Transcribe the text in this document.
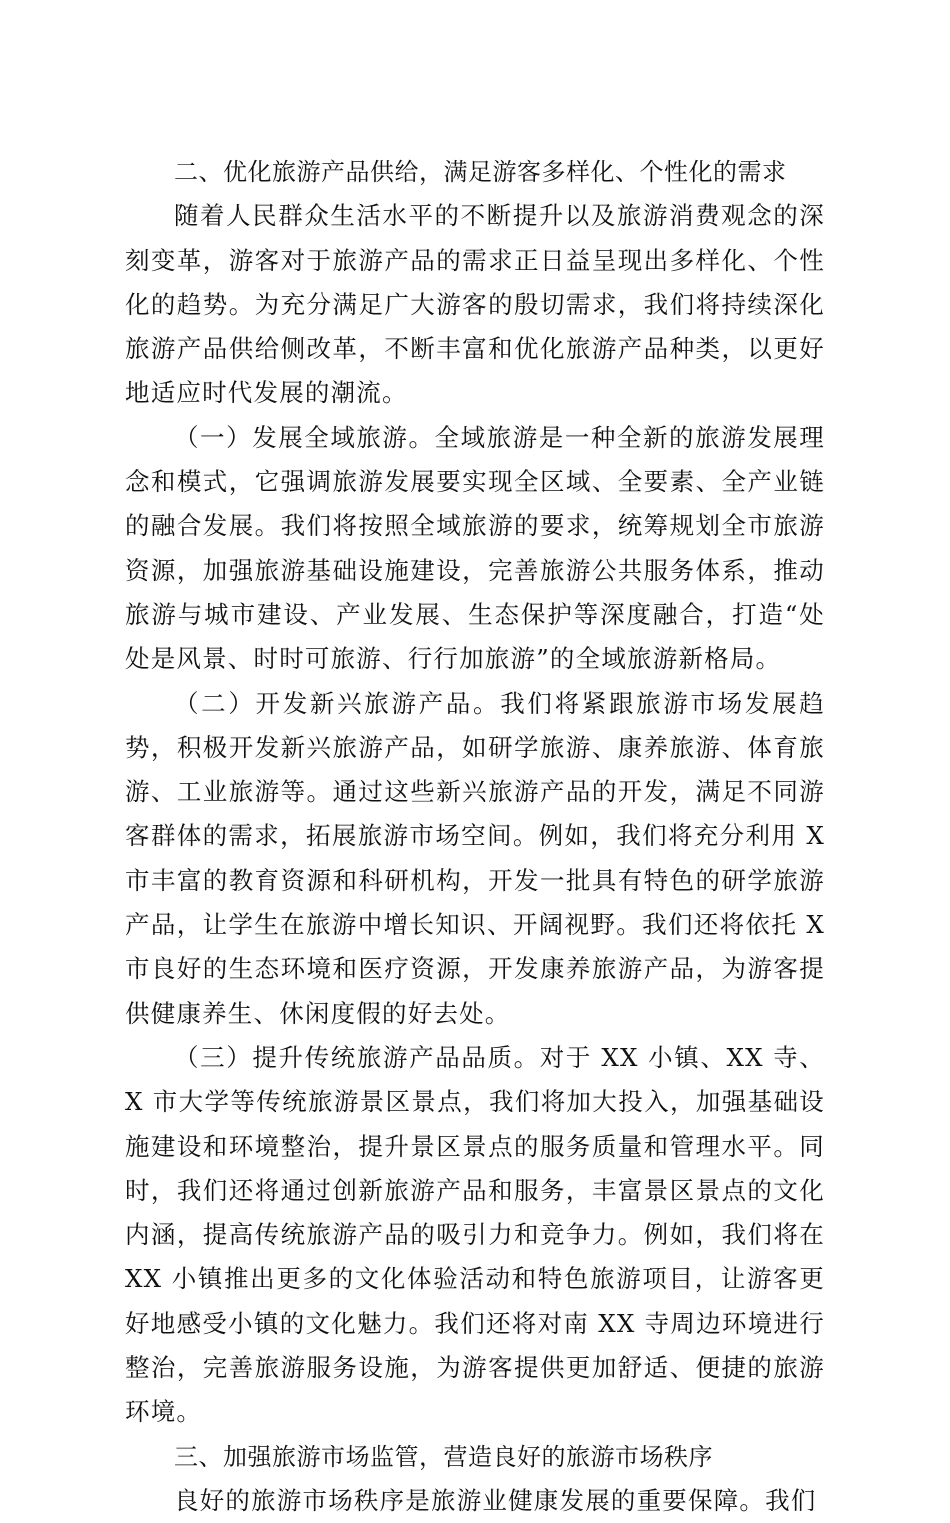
二、优化旅游产品供给，满足游客多样化、个性化的需求

随着人民群众生活水平的不断提升以及旅游消费观念的深刻变革，游客对于旅游产品的需求正日益呈现出多样化、个性化的趋势。为充分满足广大游客的殷切需求，我们将持续深化旅游产品供给侧改革，不断丰富和优化旅游产品种类，以更好地适应时代发展的潮流。

（一）发展全域旅游。全域旅游是一种全新的旅游发展理念和模式，它强调旅游发展要实现全区域、全要素、全产业链的融合发展。我们将按照全域旅游的要求，统筹规划全市旅游资源，加强旅游基础设施建设，完善旅游公共服务体系，推动旅游与城市建设、产业发展、生态保护等深度融合，打造“处处是风景、时时可旅游、行行加旅游”的全域旅游新格局。

（二）开发新兴旅游产品。我们将紧跟旅游市场发展趋势，积极开发新兴旅游产品，如研学旅游、康养旅游、体育旅游、工业旅游等。通过这些新兴旅游产品的开发，满足不同游客群体的需求，拓展旅游市场空间。例如，我们将充分利用 X 市丰富的教育资源和科研机构，开发一批具有特色的研学旅游产品，让学生在旅游中增长知识、开阔视野。我们还将依托 X 市良好的生态环境和医疗资源，开发康养旅游产品，为游客提供健康养生、休闲度假的好去处。

（三）提升传统旅游产品品质。对于 XX 小镇、XX 寺、X 市大学等传统旅游景区景点，我们将加大投入，加强基础设施建设和环境整治，提升景区景点的服务质量和管理水平。同时，我们还将通过创新旅游产品和服务，丰富景区景点的文化内涵，提高传统旅游产品的吸引力和竞争力。例如，我们将在 XX 小镇推出更多的文化体验活动和特色旅游项目，让游客更好地感受小镇的文化魅力。我们还将对南 XX 寺周边环境进行整治，完善旅游服务设施，为游客提供更加舒适、便捷的旅游环境。

三、加强旅游市场监管，营造良好的旅游市场秩序

良好的旅游市场秩序是旅游业健康发展的重要保障。我们
